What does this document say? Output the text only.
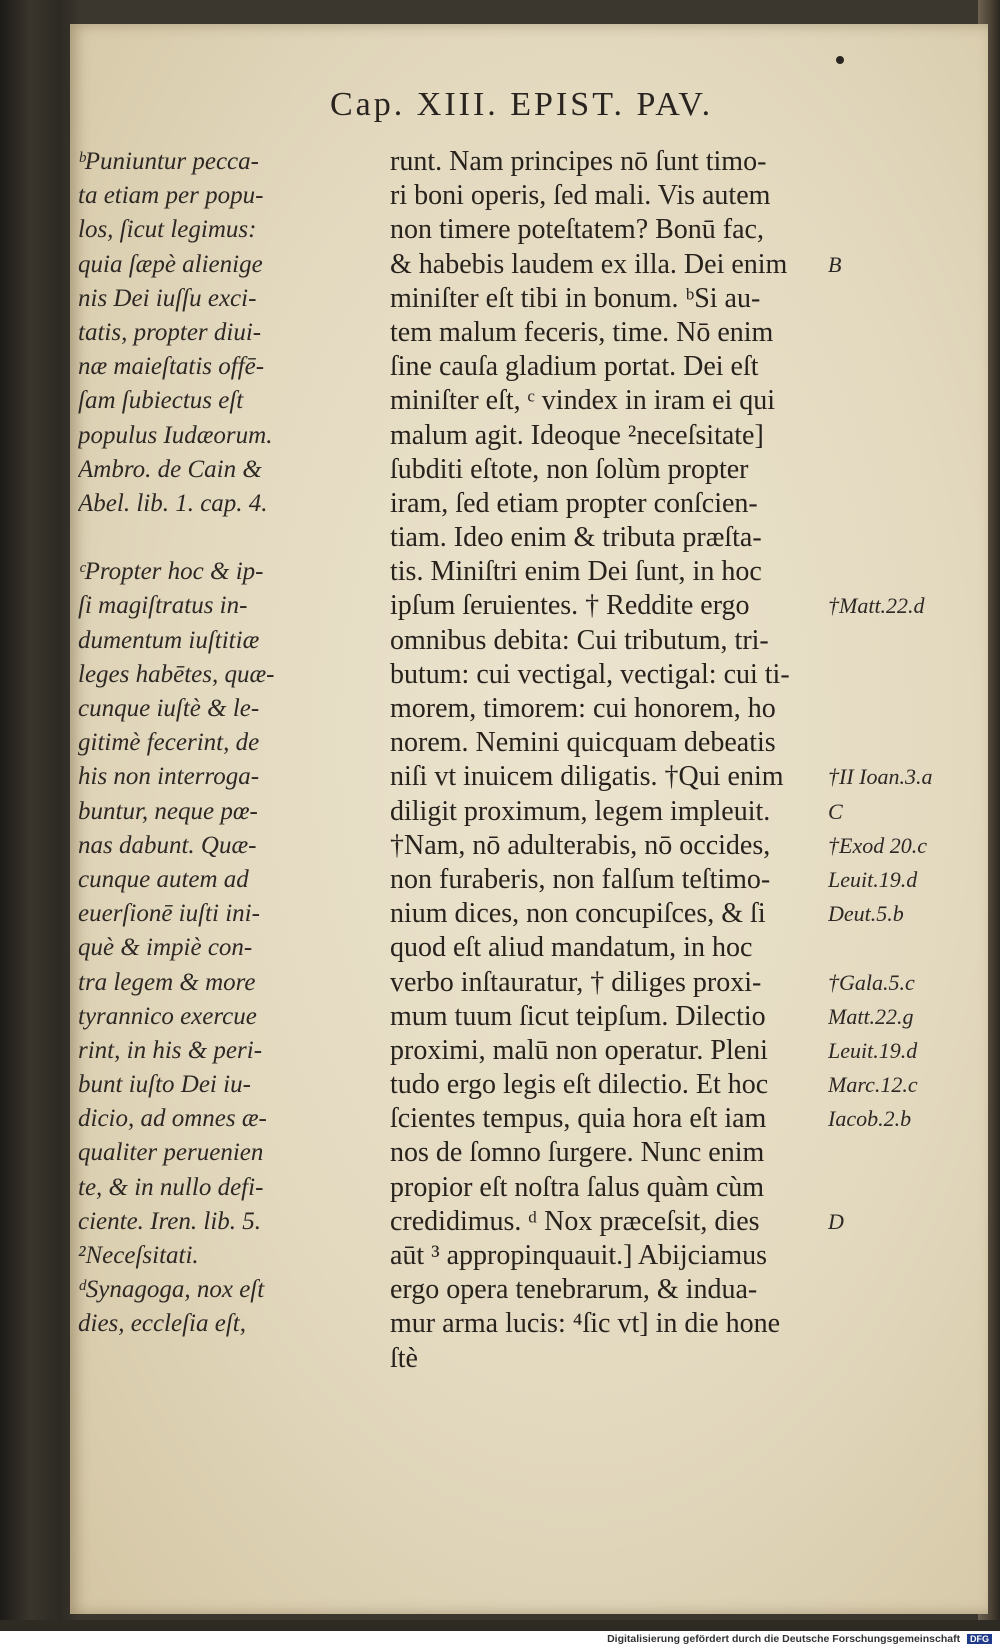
Cap. XIII. EPIST. PAV.
ᵇPuniuntur pecca-
ta etiam per popu-
los, ſicut legimus:
quia ſæpè alienige
nis Dei iuſſu exci-
tatis, propter diui-
næ maieſtatis offē-
ſam ſubiectus eſt
populus Iudæorum.
Ambro. de Cain &
Abel. lib. 1. cap. 4.
ᶜPropter hoc & ip-
ſi magiſtratus in-
dumentum iuſtitiæ
leges habētes, quæ-
cunque iuſtè & le-
gitimè fecerint, de
his non interroga-
buntur, neque pœ-
nas dabunt. Quæ-
cunque autem ad
euerſionē iuſti ini-
què & impiè con-
tra legem & more
tyrannico exercue
rint, in his & peri-
bunt iuſto Dei iu-
dicio, ad omnes æ-
qualiter peruenien
te, & in nullo defi-
ciente. Iren. lib. 5.
²Neceſsitati.
ᵈSynagoga, nox eſt
dies, eccleſia eſt,
runt. Nam principes nō ſunt timo-
ri boni operis, ſed mali. Vis autem
non timere poteſtatem? Bonū fac,
& habebis laudem ex illa. Dei enim
miniſter eſt tibi in bonum. ᵇSi au-
tem malum feceris, time. Nō enim
ſine cauſa gladium portat. Dei eſt
miniſter eſt, ᶜ vindex in iram ei qui
malum agit. Ideoque ²neceſsitate]
ſubditi eſtote, non ſolùm propter
iram, ſed etiam propter conſcien-
tiam. Ideo enim & tributa præſta-
tis. Miniſtri enim Dei ſunt, in hoc
ipſum ſeruientes. † Reddite ergo
omnibus debita: Cui tributum, tri-
butum: cui vectigal, vectigal: cui ti-
morem, timorem: cui honorem, ho
norem. Nemini quicquam debeatis
niſi vt inuicem diligatis. †Qui enim
diligit proximum, legem impleuit.
†Nam, nō adulterabis, nō occides,
non furaberis, non falſum teſtimo-
nium dices, non concupiſces, & ſi
quod eſt aliud mandatum, in hoc
verbo inſtauratur, † diliges proxi-
mum tuum ſicut teipſum. Dilectio
proximi, malū non operatur. Pleni
tudo ergo legis eſt dilectio. Et hoc
ſcientes tempus, quia hora eſt iam
nos de ſomno ſurgere. Nunc enim
propior eſt noſtra ſalus quàm cùm
credidimus. ᵈ Nox præceſsit, dies
aūt ³ appropinquauit.] Abijciamus
ergo opera tenebrarum, & indua-
mur arma lucis: ⁴ſic vt] in die hone
ſtè
B
†Matt.22.d
†II Ioan.3.a
C
†Exod 20.c
Leuit.19.d
Deut.5.b
†Gala.5.c
Matt.22.g
Leuit.19.d
Marc.12.c
Iacob.2.b
D
Digitalisierung gefördert durch die Deutsche Forschungsgemeinschaft DFG
